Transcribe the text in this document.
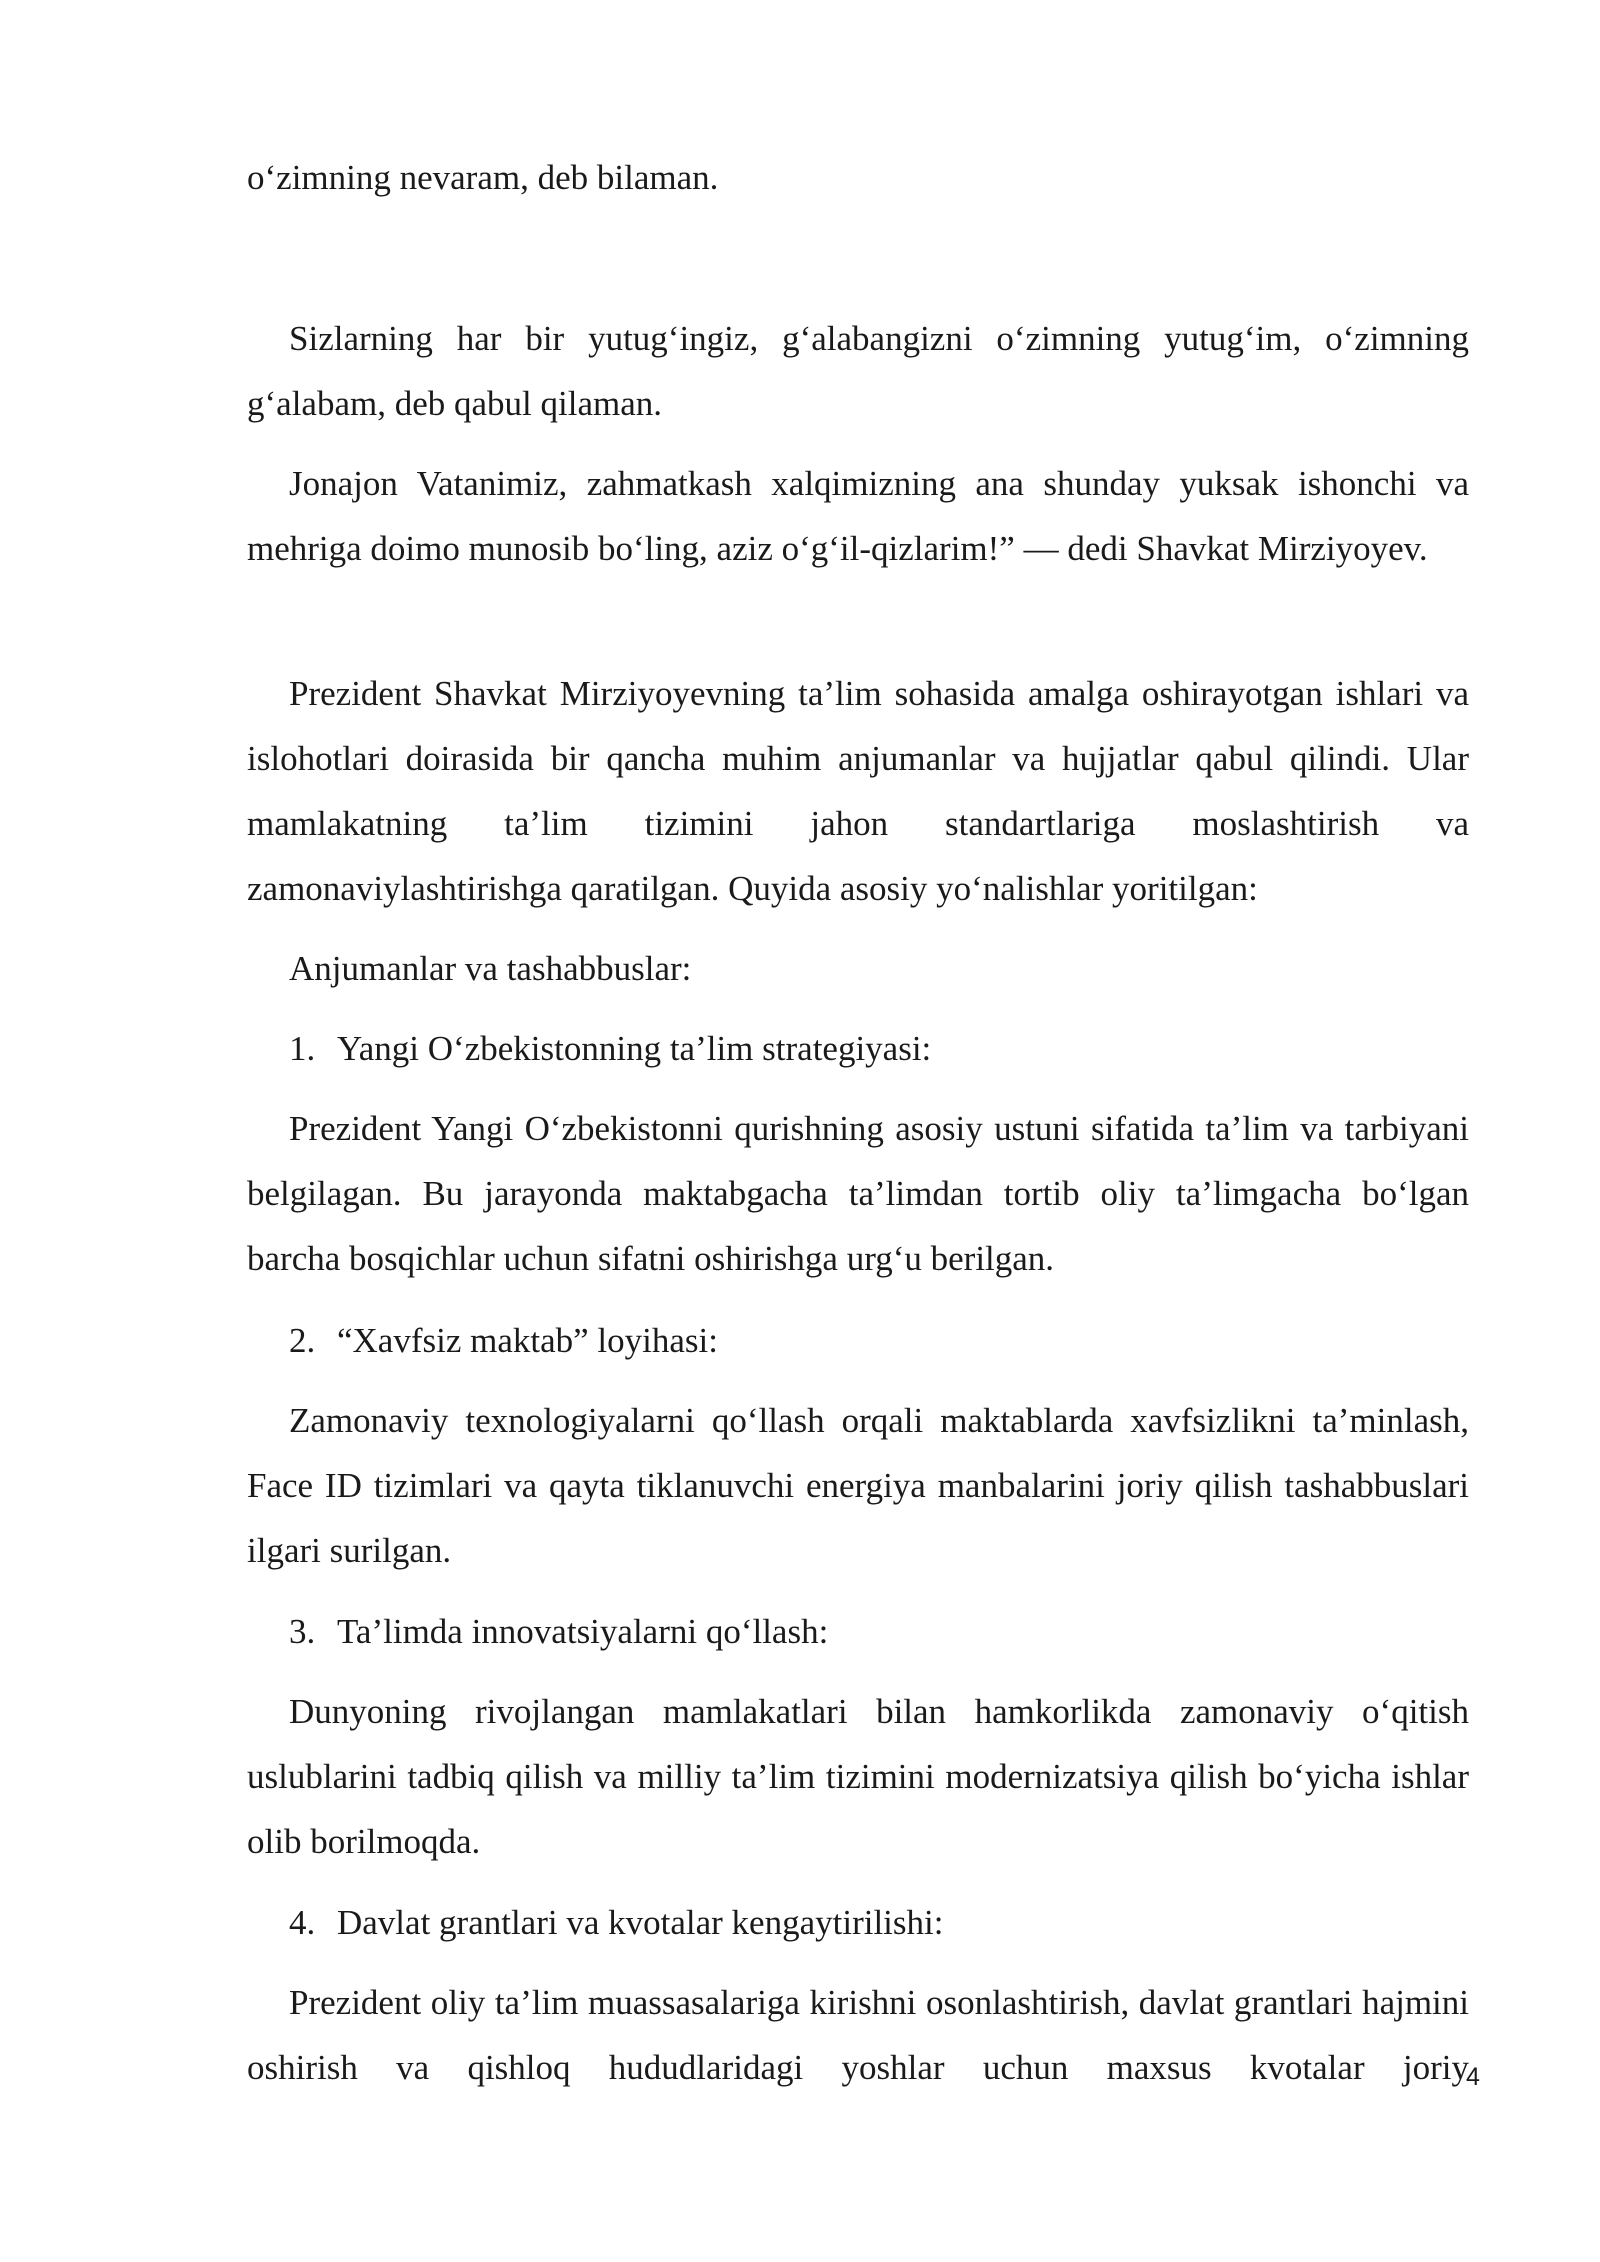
o‘zimning nevaram, deb bilaman.

Sizlarning har bir yutug‘ingiz, g‘alabangizni o‘zimning yutug‘im, o‘zimning g‘alabam, deb qabul qilaman.

Jonajon Vatanimiz, zahmatkash xalqimizning ana shunday yuksak ishonchi va mehriga doimo munosib bo‘ling, aziz o‘g‘il-qizlarim!” — dedi Shavkat Mirziyoyev.

Prezident Shavkat Mirziyoyevning ta’lim sohasida amalga oshirayotgan ishlari va islohotlari doirasida bir qancha muhim anjumanlar va hujjatlar qabul qilindi. Ular mamlakatning ta’lim tizimini jahon standartlariga moslashtirish va zamonaviylashtirishga qaratilgan. Quyida asosiy yo‘nalishlar yoritilgan:

Anjumanlar va tashabbuslar:

1. Yangi O‘zbekistonning ta’lim strategiyasi:

Prezident Yangi O‘zbekistonni qurishning asosiy ustuni sifatida ta’lim va tarbiyani belgilagan. Bu jarayonda maktabgacha ta’limdan tortib oliy ta’limgacha bo‘lgan barcha bosqichlar uchun sifatni oshirishga urg‘u berilgan.

2. “Xavfsiz maktab” loyihasi:

Zamonaviy texnologiyalarni qo‘llash orqali maktablarda xavfsizlikni ta’minlash, Face ID tizimlari va qayta tiklanuvchi energiya manbalarini joriy qilish tashabbuslari ilgari surilgan.

3. Ta’limda innovatsiyalarni qo‘llash:

Dunyoning rivojlangan mamlakatlari bilan hamkorlikda zamonaviy o‘qitish uslublarini tadbiq qilish va milliy ta’lim tizimini modernizatsiya qilish bo‘yicha ishlar olib borilmoqda.

4. Davlat grantlari va kvotalar kengaytirilishi:

Prezident oliy ta’lim muassasalariga kirishni osonlashtirish, davlat grantlari hajmini oshirish va qishloq hududlaridagi yoshlar uchun maxsus kvotalar joriy

4
